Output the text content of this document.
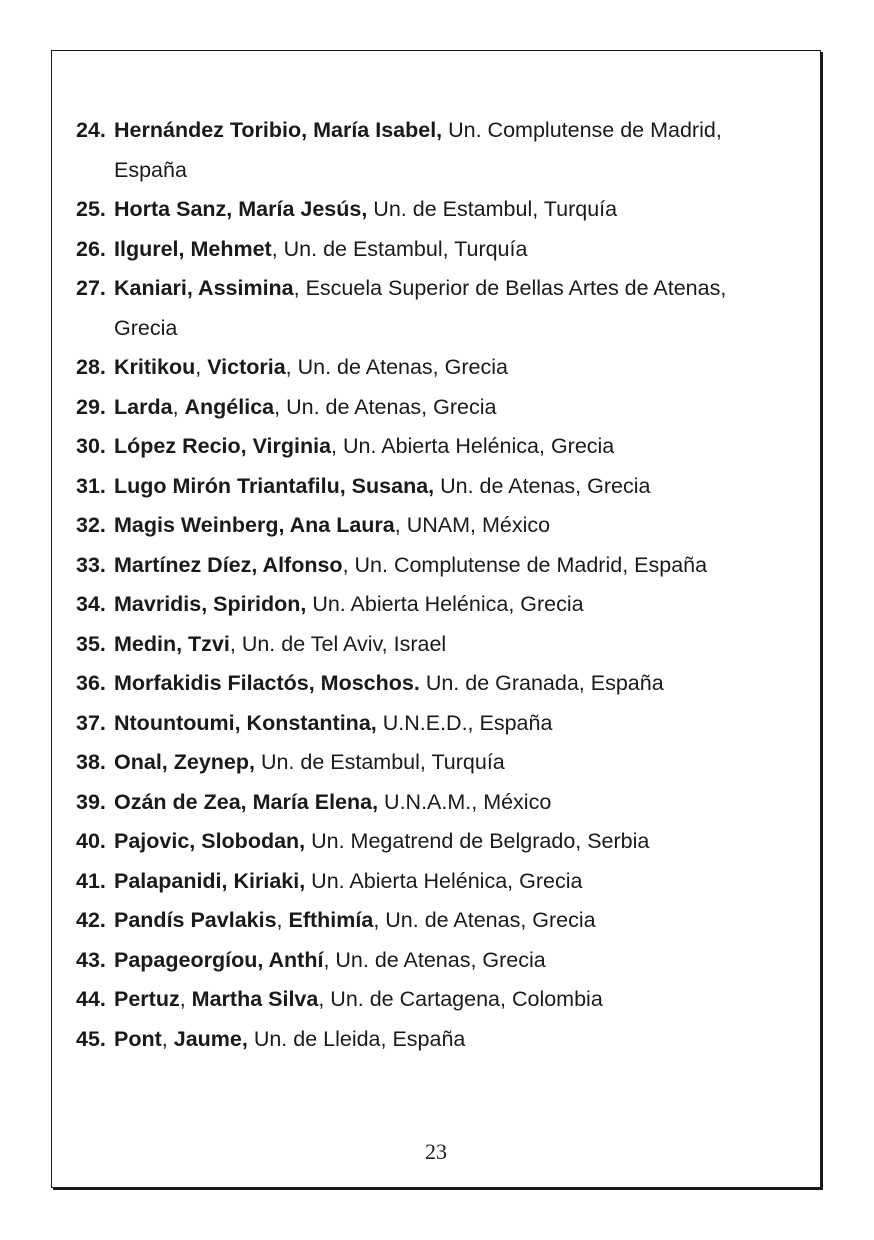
24. Hernández Toribio, María Isabel, Un. Complutense de Madrid, España
25. Horta Sanz, María Jesús, Un. de Estambul, Turquía
26. Ilgurel, Mehmet, Un. de Estambul, Turquía
27. Kaniari, Assimina, Escuela Superior de Bellas Artes de Atenas, Grecia
28. Kritikou, Victoria, Un. de Atenas, Grecia
29. Larda, Angélica, Un. de Atenas, Grecia
30. López Recio, Virginia, Un. Abierta Helénica, Grecia
31. Lugo Mirón Triantafilu, Susana, Un. de Atenas, Grecia
32. Magis Weinberg, Ana Laura, UNAM, México
33. Martínez Díez, Alfonso, Un. Complutense de Madrid, España
34. Mavridis, Spiridon, Un. Abierta Helénica, Grecia
35. Medin, Tzvi, Un. de Tel Aviv, Israel
36. Morfakidis Filactós, Moschos. Un. de Granada, España
37. Ntountoumi, Konstantina, U.N.E.D., España
38. Onal, Zeynep, Un. de Estambul, Turquía
39. Ozán de Zea, María Elena, U.N.A.M., México
40. Pajovic, Slobodan, Un. Megatrend de Belgrado, Serbia
41. Palapanidi, Kiriaki, Un. Abierta Helénica, Grecia
42. Pandís Pavlakis, Efthimía, Un. de Atenas, Grecia
43. Papageorgíou, Anthí, Un. de Atenas, Grecia
44. Pertuz, Martha Silva, Un. de Cartagena, Colombia
45. Pont, Jaume, Un. de Lleida, España
23
